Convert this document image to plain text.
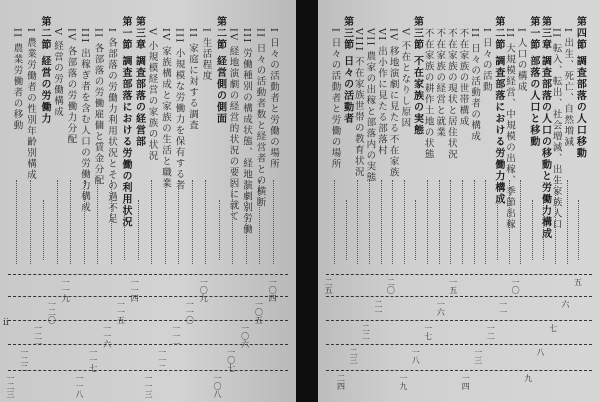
I 日々の活動者と労働の場所
II 日々の活動者数と経営者との横断
III 労働種別の構成状態、経地演劇別労働
IV 経地演劇の経営的状況の要因に就て
第二節 経営側の側面
I 生活程度
II 家庭に対する調査
III 小規模な労働力を保有する者
IV 家族構成と家族の生活と職業
V 小規模経営の家族の状況
第三章 調査部落の経営部
第一節 調査部落における労働の利用状況
I 各部落の労働力利用状況とその過不足
II 各部落の労働雇傭と賃金分配
III 出稼ぎ者を含む人口の労働力構成
IV 各部落の労働力分配
V 経営の労働構成
第二節 経営の労働力
I 農業労働者の性別年齢別構成
II 農業労働者の移動
一〇四
一〇五
一〇六
一〇七
一〇八
一〇九
一一〇
一一一
一一二
一一三
一一四
一一五
一一六
一一七
一一八
一一九
一二〇
一二一
一二二
一二三
ii
第四節 調査部落の人口移動
I 出生、死亡、自然増減
II 転入、転出、社会増減、出生家族人口
第三章 調査部落の人口の移動と労働力構成
第一節 部落の人口と移動
I 人口の構成
II 大規模経営、中規模の出稼、季節出稼
第二節 調査部落における労働力構成
I 日々の活動
II 日々の活動者の構成
不在家族の世帯構成
不在家族の現状と居住状況
不在家族の経営と就業
不在家族の耕作土地の状態
第三節 不在家族の実態
V 不在となりし原因
IV 移地演劇に見たる不在家族
VI 出小作に見たる部落村
VII 農家の出稼と部落内の実態
VIII 不在家族世帯の教育状況
第三節 日々の活動者
I 日々の活動者と労働の場所
五
六
七
八
九
一〇
一一
一二
一三
一四
一五
一六
一七
一八
一九
二〇
二一
二二
二三
二四
二五
